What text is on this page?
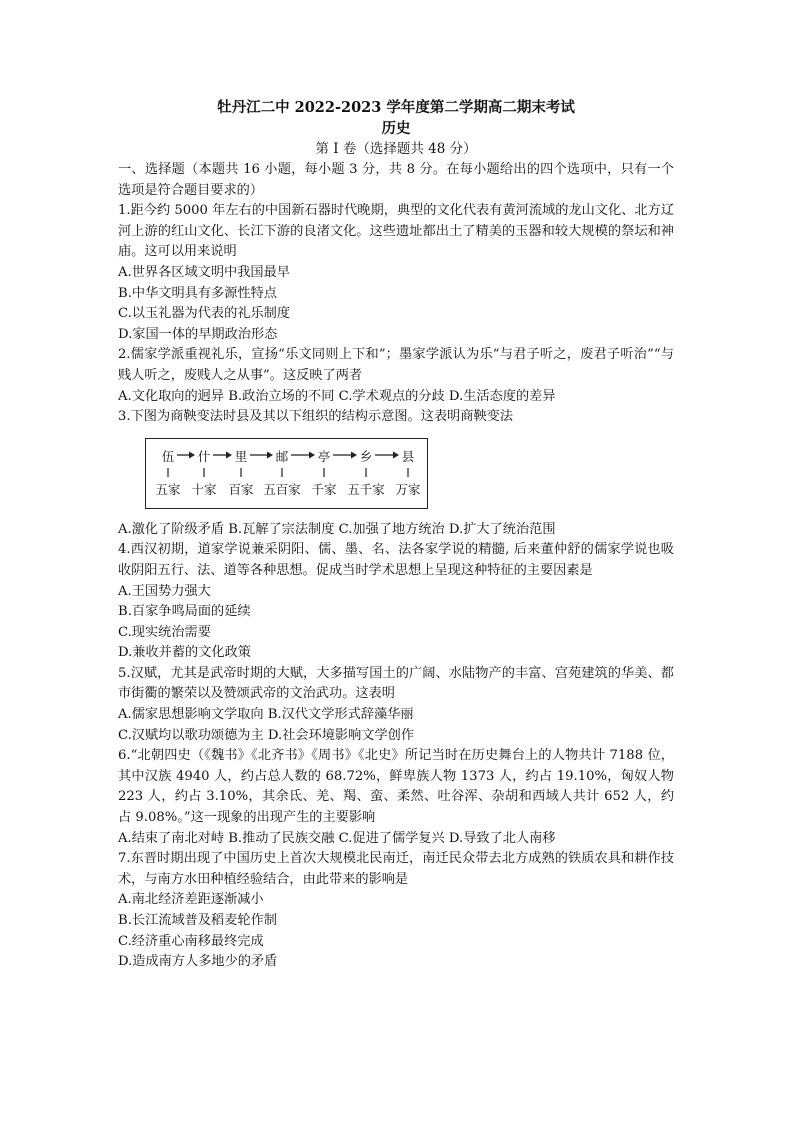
牡丹江二中 2022-2023 学年度第二学期高二期末考试
历史
第 I 卷（选择题共 48 分）

一、选择题（本题共 16 小题，每小题 3 分，共 8 分。在每小题给出的四个选项中，只有一个选项是符合题目要求的）

1.距今约 5000 年左右的中国新石器时代晚期，典型的文化代表有黄河流域的龙山文化、北方辽河上游的红山文化、长江下游的良渚文化。这些遗址都出土了精美的玉器和较大规模的祭坛和神庙。这可以用来说明

A.世界各区域文明中我国最早

B.中华文明具有多源性特点

C.以玉礼器为代表的礼乐制度

D.家国一体的早期政治形态

2.儒家学派重视礼乐，宣扬“乐文同则上下和”；墨家学派认为乐“与君子听之，废君子听治”“与贱人听之，废贱人之从事”。这反映了两者

A.文化取向的迥异 B.政治立场的不同 C.学术观点的分歧 D.生活态度的差异

3.下图为商鞅变法时县及其以下组织的结构示意图。这表明商鞅变法

伍
五家
什
十家
里
百家
邮
五百家
亭
千家
乡
五千家
县
万家

A.激化了阶级矛盾 B.瓦解了宗法制度 C.加强了地方统治 D.扩大了统治范围

4.西汉初期，道家学说兼采阴阳、儒、墨、名、法各家学说的精髓, 后来董仲舒的儒家学说也吸收阴阳五行、法、道等各种思想。促成当时学术思想上呈现这种特征的主要因素是

A.王国势力强大

B.百家争鸣局面的延续

C.现实统治需要

D.兼收并蓄的文化政策

5.汉赋，尤其是武帝时期的大赋，大多描写国土的广阔、水陆物产的丰富、宫苑建筑的华美、都市街衢的繁荣以及赞颂武帝的文治武功。这表明

A.儒家思想影响文学取向 B.汉代文学形式辞藻华丽

C.汉赋均以歌功颂德为主 D.社会环境影响文学创作

6.“北朝四史（《魏书》《北齐书》《周书》《北史》所记当时在历史舞台上的人物共计 7188 位，其中汉族 4940 人，约占总人数的 68.72%，鲜卑族人物 1373 人，约占 19.10%，匈奴人物 223 人，约占 3.10%，其余氐、羌、羯、蛮、柔然、吐谷浑、杂胡和西域人共计 652 人，约占 9.08%。”这一现象的出现产生的主要影响

A.结束了南北对峙 B.推动了民族交融 C.促进了儒学复兴 D.导致了北人南移

7.东晋时期出现了中国历史上首次大规模北民南迁，南迁民众带去北方成熟的铁质农具和耕作技术，与南方水田种植经验结合，由此带来的影响是

A.南北经济差距逐渐减小

B.长江流域普及稻麦轮作制

C.经济重心南移最终完成

D.造成南方人多地少的矛盾
